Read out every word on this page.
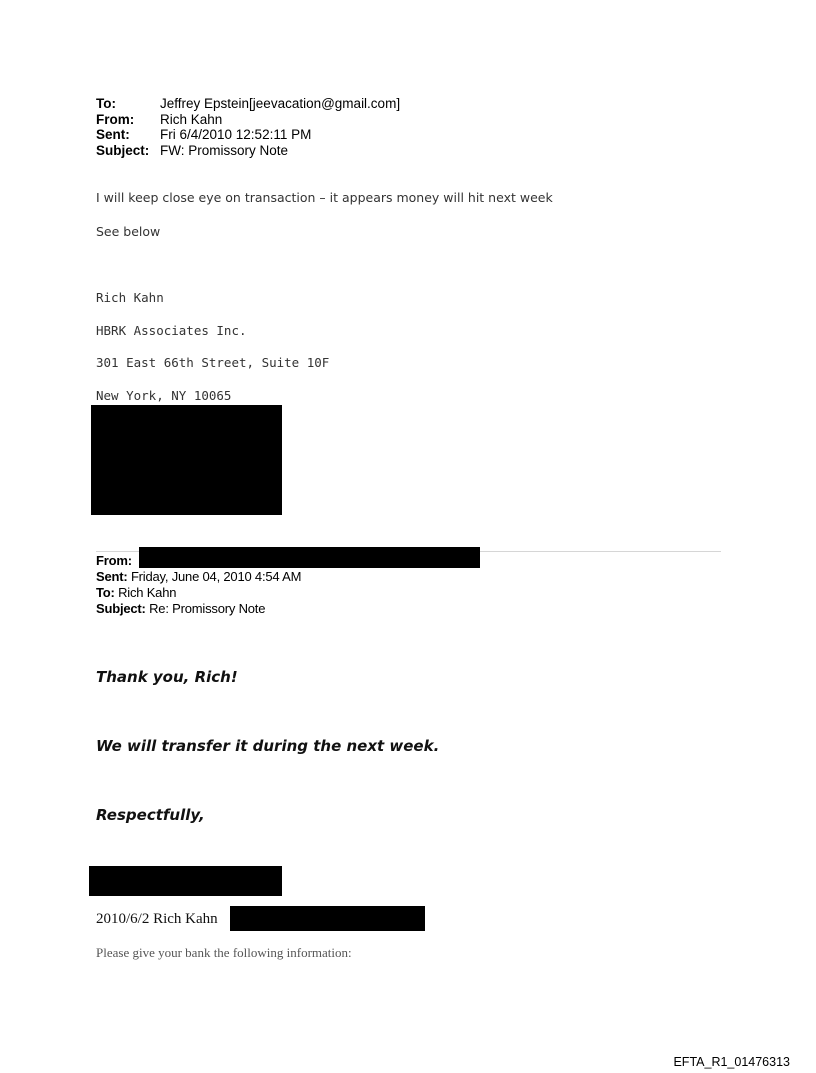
To:	Jeffrey Epstein[jeevacation@gmail.com]
From: Rich Kahn
Sent: Fri 6/4/2010 12:52:11 PM
Subject: FW: Promissory Note
I will keep close eye on transaction – it appears money will hit next week
See below
Rich Kahn
HBRK Associates Inc.
301 East 66th Street, Suite 10F
New York, NY 10065
From:
Sent: Friday, June 04, 2010 4:54 AM
To: Rich Kahn
Subject: Re: Promissory Note
Thank you, Rich!
We will transfer it during the next week.
Respectfully,
2010/6/2 Rich Kahn
Please give your bank the following information:
EFTA_R1_01476313
